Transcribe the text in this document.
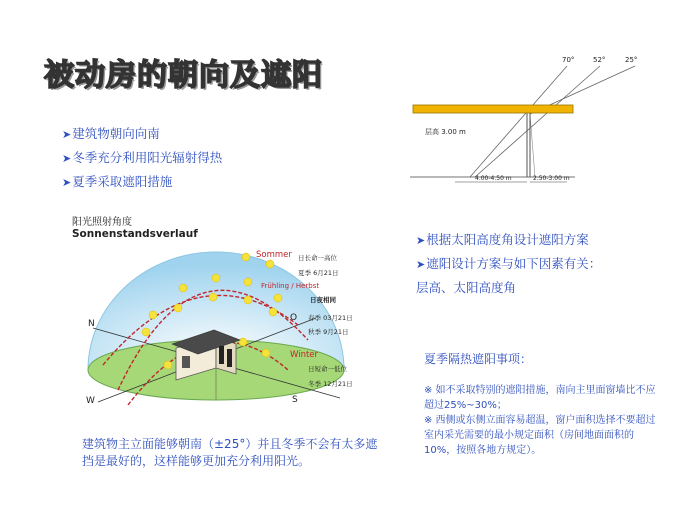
被动房的朝向及遮阳
➤建筑物朝向向南
➤冬季充分利用阳光辐射得热
➤夏季采取遮阳措施
阳光照射角度
Sonnenstandsverlauf
N
O
W	S
Sommer 日长命一高位
夏季 6月21日
Frühling / Herbst
日夜相同
春季 03月21日
秋季 9月21日
Winter
日短命一低位
冬季 12月21日
70°	52°	25°
层高 3.00 m
4.00-4.50 m	2.50-3.00 m
建筑物主立面能够朝南（±25°）并且冬季不会有太多遮挡是最好的，这样能够更加充分利用阳光。
➤根据太阳高度角设计遮阳方案
➤遮阳设计方案与如下因素有关：
层高、太阳高度角
夏季隔热遮阳事项：
※ 如不采取特别的遮阳措施，南向主里面窗墙比不应超过25%~30%；
※ 西侧或东侧立面容易超温，窗户面积选择不要超过室内采光需要的最小规定面积（房间地面面积的10%，按照各地方规定）。
